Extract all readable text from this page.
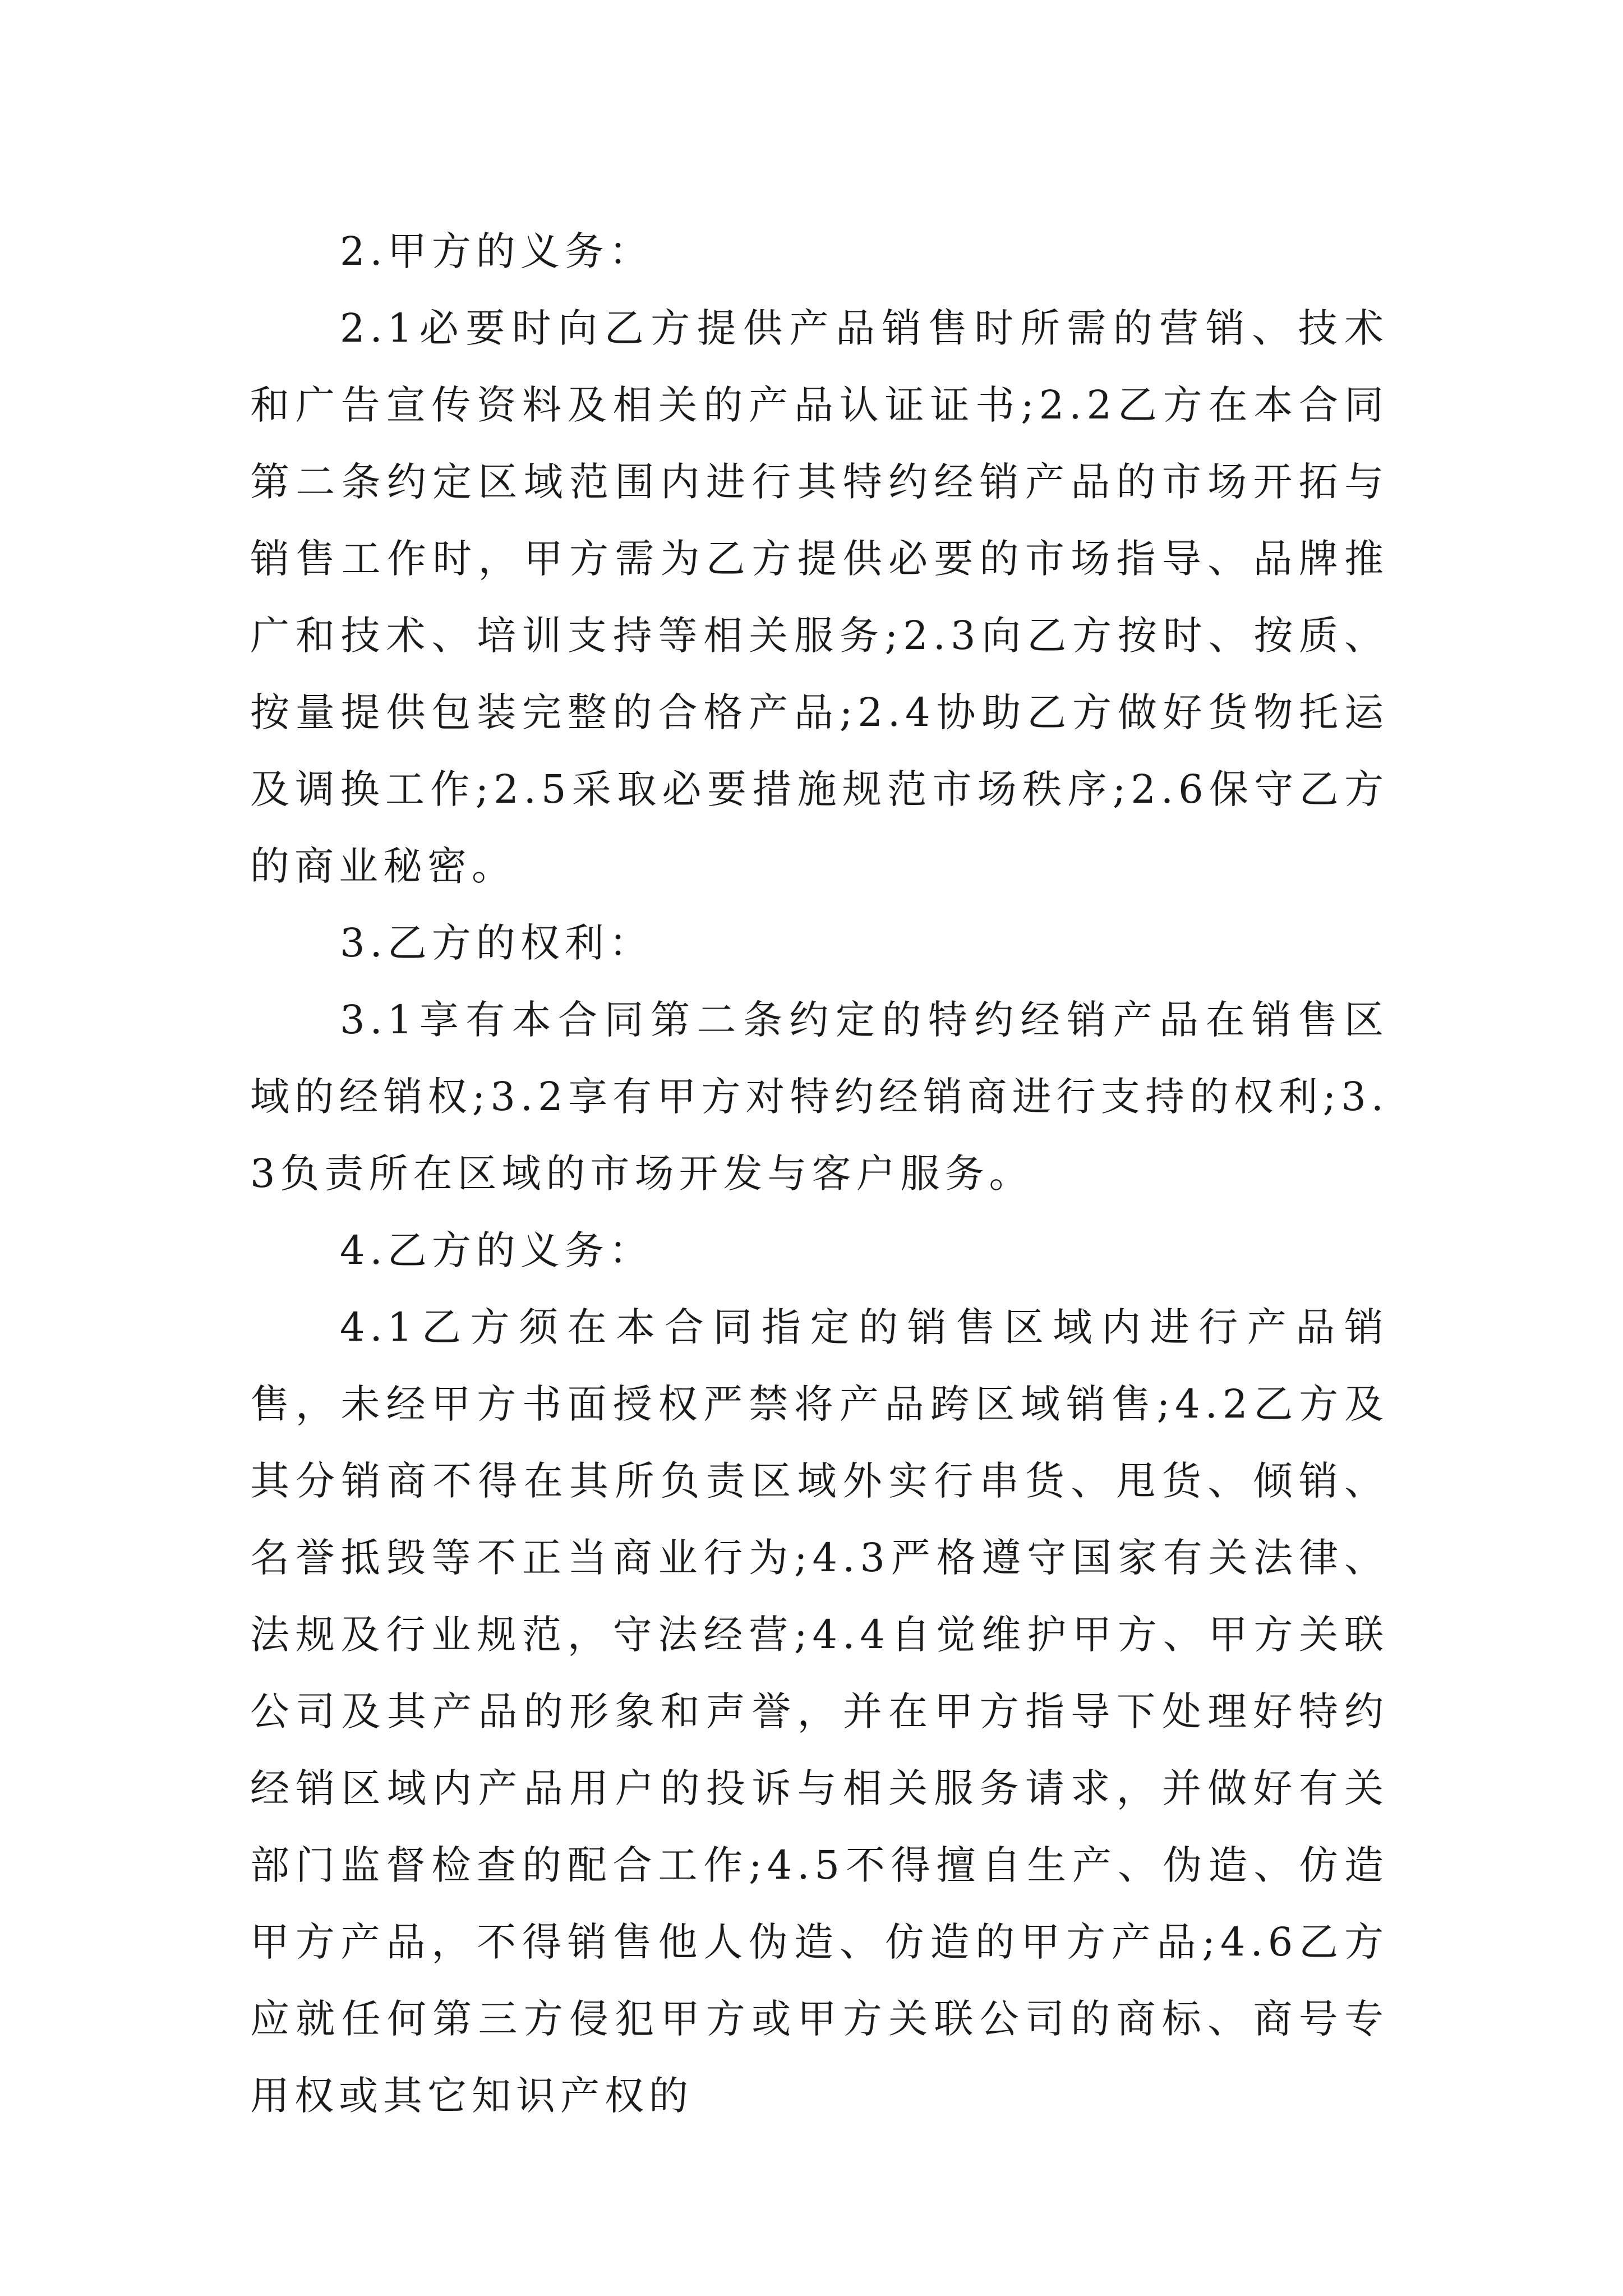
2.甲方的义务：

2.1必要时向乙方提供产品销售时所需的营销、技术和广告宣传资料及相关的产品认证证书;2.2乙方在本合同第二条约定区域范围内进行其特约经销产品的市场开拓与销售工作时，甲方需为乙方提供必要的市场指导、品牌推广和技术、培训支持等相关服务;2.3向乙方按时、按质、按量提供包装完整的合格产品;2.4协助乙方做好货物托运及调换工作;2.5采取必要措施规范市场秩序;2.6保守乙方的商业秘密。

3.乙方的权利：

3.1享有本合同第二条约定的特约经销产品在销售区域的经销权;3.2享有甲方对特约经销商进行支持的权利;3.3负责所在区域的市场开发与客户服务。

4.乙方的义务：

4.1乙方须在本合同指定的销售区域内进行产品销售，未经甲方书面授权严禁将产品跨区域销售;4.2乙方及其分销商不得在其所负责区域外实行串货、甩货、倾销、名誉抵毁等不正当商业行为;4.3严格遵守国家有关法律、法规及行业规范，守法经营;4.4自觉维护甲方、甲方关联公司及其产品的形象和声誉，并在甲方指导下处理好特约经销区域内产品用户的投诉与相关服务请求，并做好有关部门监督检查的配合工作;4.5不得擅自生产、伪造、仿造甲方产品，不得销售他人伪造、仿造的甲方产品;4.6乙方应就任何第三方侵犯甲方或甲方关联公司的商标、商号专用权或其它知识产权的
